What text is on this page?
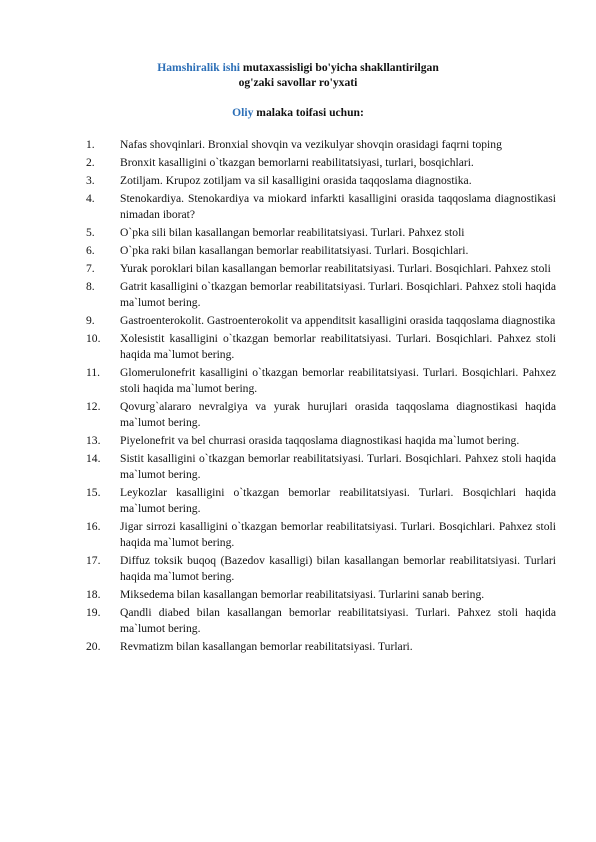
Hamshiralik ishi mutaxassisligi bo'yicha shakllantirilgan
og'zaki savollar ro'yxati
Oliy malaka toifasi uchun:
1.	Nafas shovqinlari. Bronxial shovqin va vezikulyar shovqin orasidagi faqrni toping
2.	Bronxit kasalligini o`tkazgan bemorlarni reabilitatsiyasi, turlari, bosqichlari.
3.	Zotiljam. Krupoz zotiljam va sil kasalligini orasida taqqoslama diagnostika.
4.	Stenokardiya. Stenokardiya va miokard infarkti kasalligini orasida taqqoslama diagnostikasi nimadan iborat?
5.	O`pka sili bilan kasallangan bemorlar reabilitatsiyasi. Turlari. Pahxez stoli
6.	O`pka raki bilan kasallangan bemorlar reabilitatsiyasi. Turlari. Bosqichlari.
7.	Yurak poroklari bilan kasallangan bemorlar reabilitatsiyasi. Turlari. Bosqichlari. Pahxez stoli
8.	Gatrit kasalligini o`tkazgan bemorlar reabilitatsiyasi. Turlari. Bosqichlari. Pahxez stoli haqida ma`lumot bering.
9.	Gastroenterokolit. Gastroenterokolit va appenditsit kasalligini orasida taqqoslama diagnostika
10.	Xolesistit kasalligini o`tkazgan bemorlar reabilitatsiyasi. Turlari. Bosqichlari. Pahxez stoli haqida ma`lumot bering.
11.	Glomerulonefrit kasalligini o`tkazgan bemorlar reabilitatsiyasi. Turlari. Bosqichlari. Pahxez stoli haqida ma`lumot bering.
12.	Qovurg`alararo nevralgiya va yurak hurujlari orasida taqqoslama diagnostikasi haqida ma`lumot bering.
13.	Piyelonefrit va bel churrasi orasida taqqoslama diagnostikasi haqida ma`lumot bering.
14.	Sistit kasalligini o`tkazgan bemorlar reabilitatsiyasi. Turlari. Bosqichlari. Pahxez stoli haqida ma`lumot bering.
15.	Leykozlar kasalligini o`tkazgan bemorlar reabilitatsiyasi. Turlari. Bosqichlari haqida ma`lumot bering.
16.	Jigar sirrozi kasalligini o`tkazgan bemorlar reabilitatsiyasi. Turlari. Bosqichlari. Pahxez stoli haqida ma`lumot bering.
17.	Diffuz toksik buqoq (Bazedov kasalligi) bilan kasallangan bemorlar reabilitatsiyasi. Turlari haqida ma`lumot bering.
18.	Miksedema bilan kasallangan bemorlar reabilitatsiyasi. Turlarini sanab bering.
19.	Qandli diabed bilan kasallangan bemorlar reabilitatsiyasi. Turlari. Pahxez stoli haqida ma`lumot bering.
20.	Revmatizm bilan kasallangan bemorlar reabilitatsiyasi. Turlari.
